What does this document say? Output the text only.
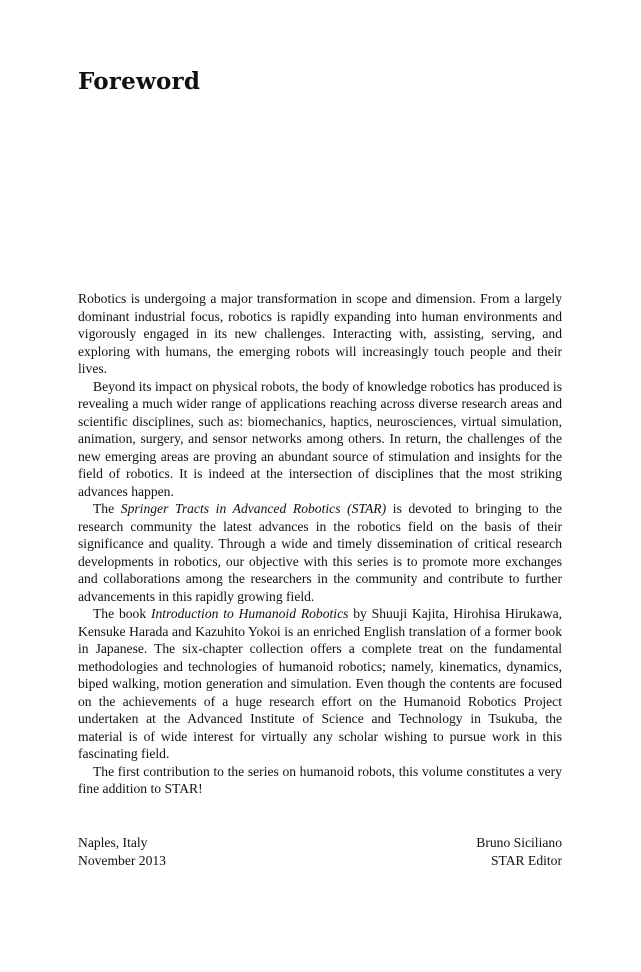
Foreword

Robotics is undergoing a major transformation in scope and dimension. From a largely dominant industrial focus, robotics is rapidly expanding into human environments and vigorously engaged in its new challenges. Interacting with, assisting, serving, and exploring with humans, the emerging robots will increasingly touch people and their lives.

Beyond its impact on physical robots, the body of knowledge robotics has produced is revealing a much wider range of applications reaching across diverse research areas and scientific disciplines, such as: biomechanics, haptics, neurosciences, virtual simulation, animation, surgery, and sensor networks among others. In return, the challenges of the new emerging areas are proving an abundant source of stimulation and insights for the field of robotics. It is indeed at the intersection of disciplines that the most striking advances happen.

The Springer Tracts in Advanced Robotics (STAR) is devoted to bringing to the research community the latest advances in the robotics field on the basis of their significance and quality. Through a wide and timely dissemination of critical research developments in robotics, our objective with this series is to promote more exchanges and collaborations among the researchers in the community and contribute to further advancements in this rapidly growing field.

The book Introduction to Humanoid Robotics by Shuuji Kajita, Hirohisa Hirukawa, Kensuke Harada and Kazuhito Yokoi is an enriched English translation of a former book in Japanese. The six-chapter collection offers a complete treat on the fundamental methodologies and technologies of humanoid robotics; namely, kinematics, dynamics, biped walking, motion generation and simulation. Even though the contents are focused on the achievements of a huge research effort on the Humanoid Robotics Project undertaken at the Advanced Institute of Science and Technology in Tsukuba, the material is of wide interest for virtually any scholar wishing to pursue work in this fascinating field.

The first contribution to the series on humanoid robots, this volume constitutes a very fine addition to STAR!

Naples, Italy
November 2013
Bruno Siciliano
STAR Editor
